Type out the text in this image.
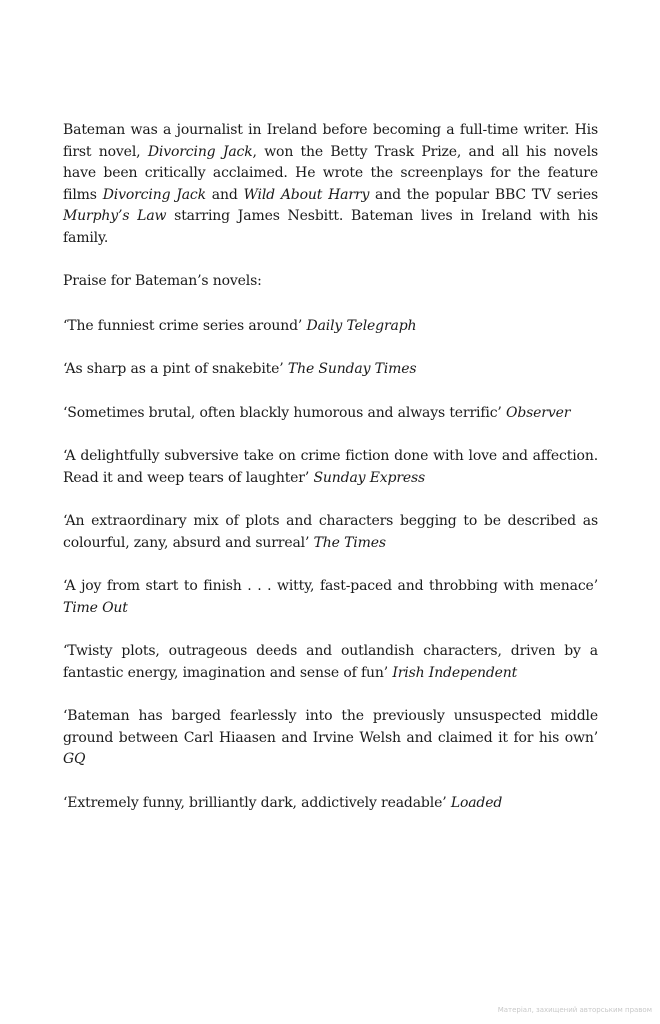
Bateman was a journalist in Ireland before becoming a full-time writer. His first novel, Divorcing Jack, won the Betty Trask Prize, and all his novels have been critically acclaimed. He wrote the screenplays for the feature films Divorcing Jack and Wild About Harry and the popular BBC TV series Murphy’s Law starring James Nesbitt. Bateman lives in Ireland with his family.

Praise for Bateman’s novels:

‘The funniest crime series around’ Daily Telegraph

‘As sharp as a pint of snakebite’ The Sunday Times

‘Sometimes brutal, often blackly humorous and always terrific’ Observer

‘A delightfully subversive take on crime fiction done with love and affection. Read it and weep tears of laughter’ Sunday Express

‘An extraordinary mix of plots and characters begging to be described as colourful, zany, absurd and surreal’ The Times

‘A joy from start to finish . . . witty, fast-paced and throbbing with menace’ Time Out

‘Twisty plots, outrageous deeds and outlandish characters, driven by a fantastic energy, imagination and sense of fun’ Irish Independent

‘Bateman has barged fearlessly into the previously unsuspected middle ground between Carl Hiaasen and Irvine Welsh and claimed it for his own’ GQ

‘Extremely funny, brilliantly dark, addictively readable’ Loaded

Матеріал, захищений авторським правом
